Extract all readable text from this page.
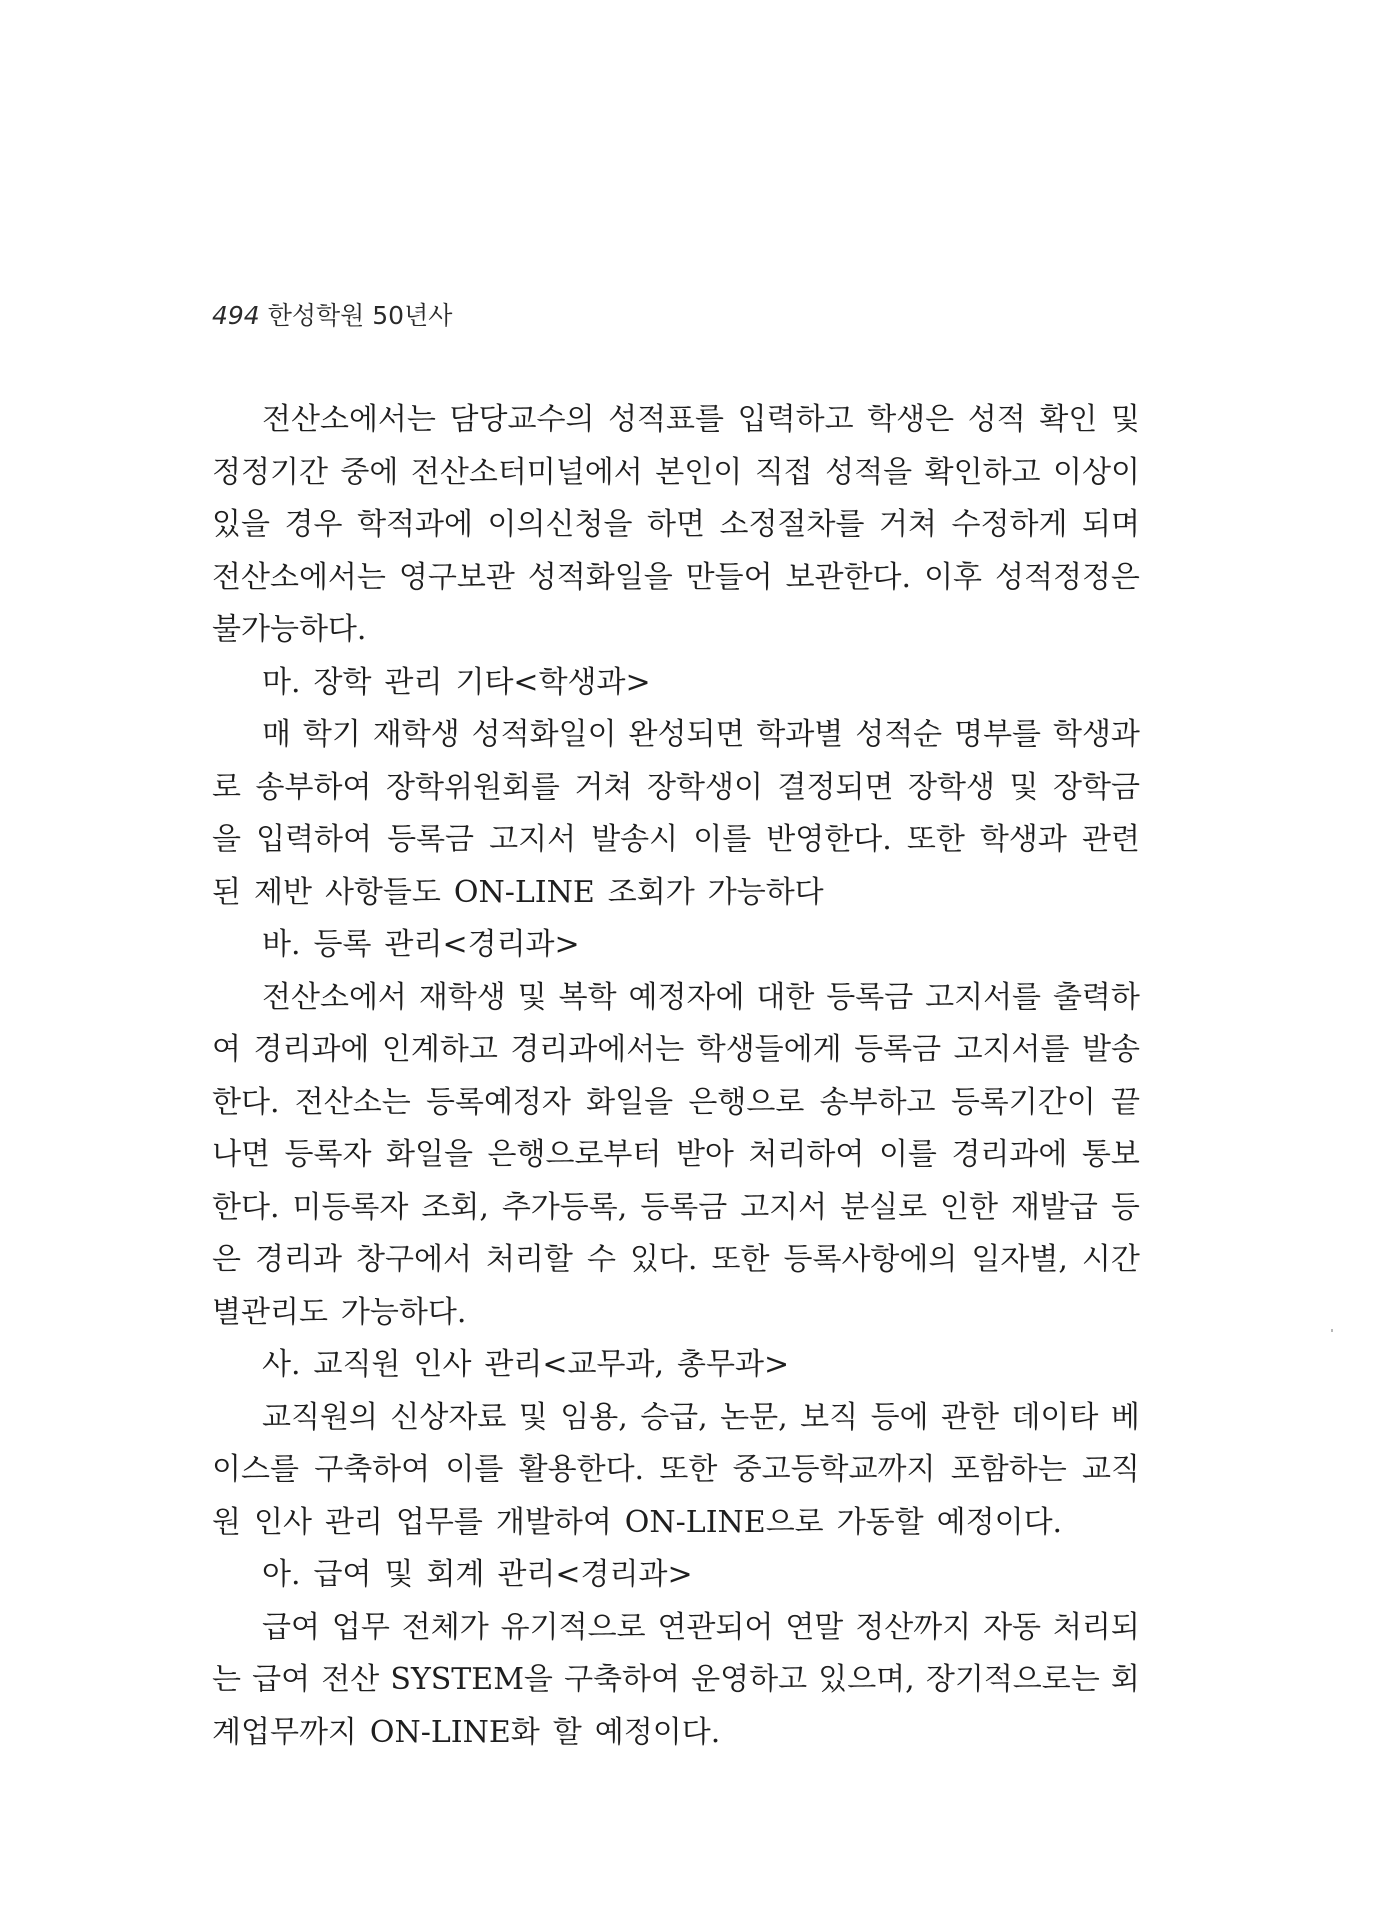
494 한성학원 50년사
전산소에서는 담당교수의 성적표를 입력하고 학생은 성적 확인 및
정정기간 중에 전산소터미널에서 본인이 직접 성적을 확인하고 이상이
있을 경우 학적과에 이의신청을 하면 소정절차를 거쳐 수정하게 되며
전산소에서는 영구보관 성적화일을 만들어 보관한다. 이후 성적정정은
불가능하다.
마. 장학 관리 기타<학생과>
매 학기 재학생 성적화일이 완성되면 학과별 성적순 명부를 학생과
로 송부하여 장학위원회를 거쳐 장학생이 결정되면 장학생 및 장학금
을 입력하여 등록금 고지서 발송시 이를 반영한다. 또한 학생과 관련
된 제반 사항들도 ON-LINE 조회가 가능하다
바. 등록 관리<경리과>
전산소에서 재학생 및 복학 예정자에 대한 등록금 고지서를 출력하
여 경리과에 인계하고 경리과에서는 학생들에게 등록금 고지서를 발송
한다. 전산소는 등록예정자 화일을 은행으로 송부하고 등록기간이 끝
나면 등록자 화일을 은행으로부터 받아 처리하여 이를 경리과에 통보
한다. 미등록자 조회, 추가등록, 등록금 고지서 분실로 인한 재발급 등
은 경리과 창구에서 처리할 수 있다. 또한 등록사항에의 일자별, 시간
별관리도 가능하다.
사. 교직원 인사 관리<교무과, 총무과>
교직원의 신상자료 및 임용, 승급, 논문, 보직 등에 관한 데이타 베
이스를 구축하여 이를 활용한다. 또한 중고등학교까지 포함하는 교직
원 인사 관리 업무를 개발하여 ON-LINE으로 가동할 예정이다.
아. 급여 및 회계 관리<경리과>
급여 업무 전체가 유기적으로 연관되어 연말 정산까지 자동 처리되
는 급여 전산 SYSTEM을 구축하여 운영하고 있으며, 장기적으로는 회
계업무까지 ON-LINE화 할 예정이다.
